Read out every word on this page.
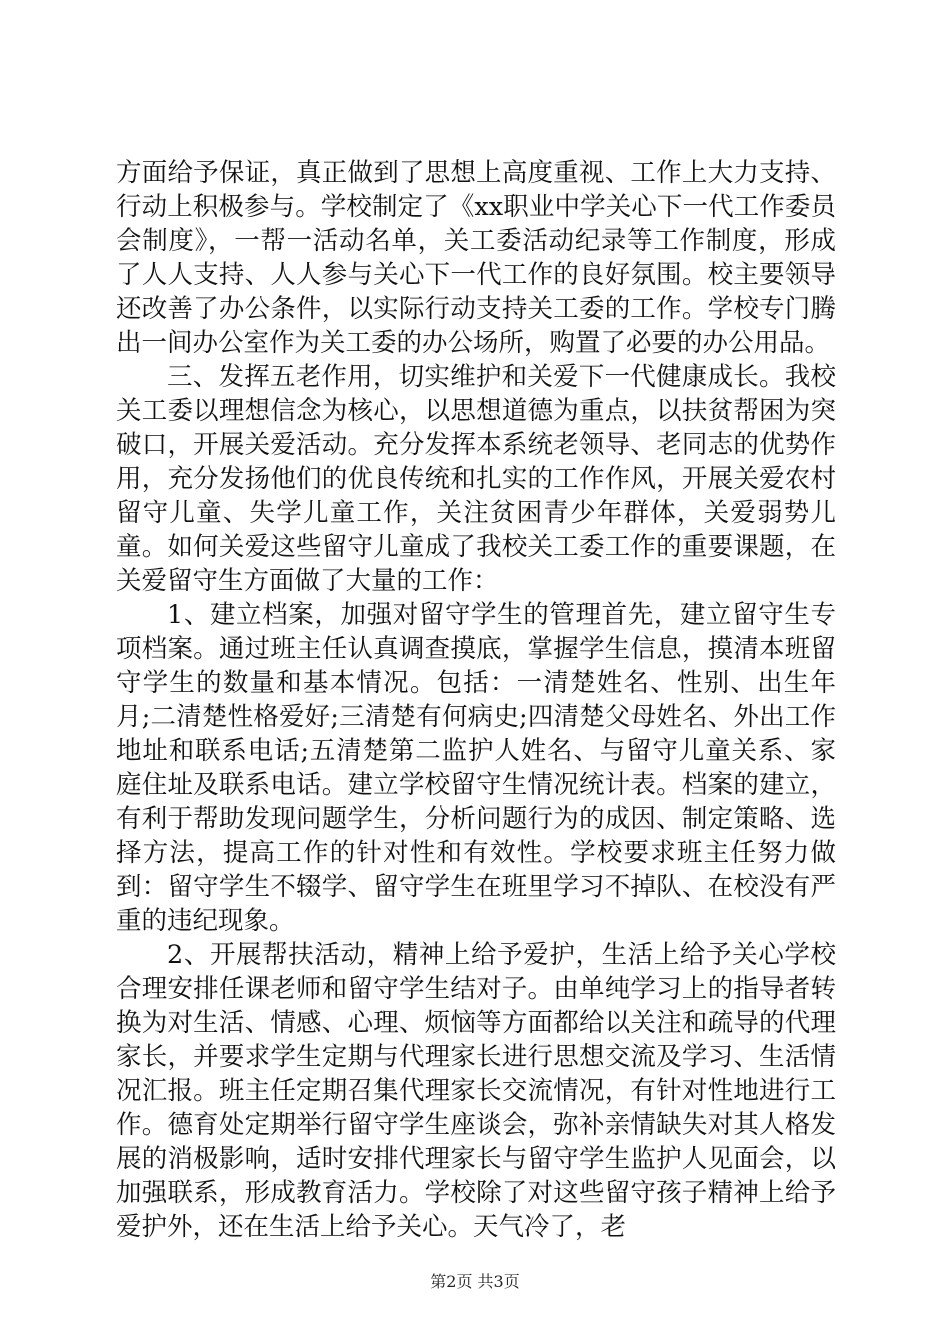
方面给予保证，真正做到了思想上高度重视、工作上大力支持、行动上积极参与。学校制定了《xx职业中学关心下一代工作委员会制度》，一帮一活动名单，关工委活动纪录等工作制度，形成了人人支持、人人参与关心下一代工作的良好氛围。校主要领导还改善了办公条件，以实际行动支持关工委的工作。学校专门腾出一间办公室作为关工委的办公场所，购置了必要的办公用品。

三、发挥五老作用，切实维护和关爱下一代健康成长。我校关工委以理想信念为核心，以思想道德为重点，以扶贫帮困为突破口，开展关爱活动。充分发挥本系统老领导、老同志的优势作用，充分发扬他们的优良传统和扎实的工作作风，开展关爱农村留守儿童、失学儿童工作，关注贫困青少年群体，关爱弱势儿童。如何关爱这些留守儿童成了我校关工委工作的重要课题，在关爱留守生方面做了大量的工作：

1、建立档案，加强对留守学生的管理首先，建立留守生专项档案。通过班主任认真调查摸底，掌握学生信息，摸清本班留守学生的数量和基本情况。包括：一清楚姓名、性别、出生年月;二清楚性格爱好;三清楚有何病史;四清楚父母姓名、外出工作地址和联系电话;五清楚第二监护人姓名、与留守儿童关系、家庭住址及联系电话。建立学校留守生情况统计表。档案的建立，有利于帮助发现问题学生，分析问题行为的成因、制定策略、选择方法，提高工作的针对性和有效性。学校要求班主任努力做到：留守学生不辍学、留守学生在班里学习不掉队、在校没有严重的违纪现象。

2、开展帮扶活动，精神上给予爱护，生活上给予关心学校合理安排任课老师和留守学生结对子。由单纯学习上的指导者转换为对生活、情感、心理、烦恼等方面都给以关注和疏导的代理家长，并要求学生定期与代理家长进行思想交流及学习、生活情况汇报。班主任定期召集代理家长交流情况，有针对性地进行工作。德育处定期举行留守学生座谈会，弥补亲情缺失对其人格发展的消极影响，适时安排代理家长与留守学生监护人见面会，以加强联系，形成教育活力。学校除了对这些留守孩子精神上给予爱护外，还在生活上给予关心。天气冷了，老

第2页 共3页
